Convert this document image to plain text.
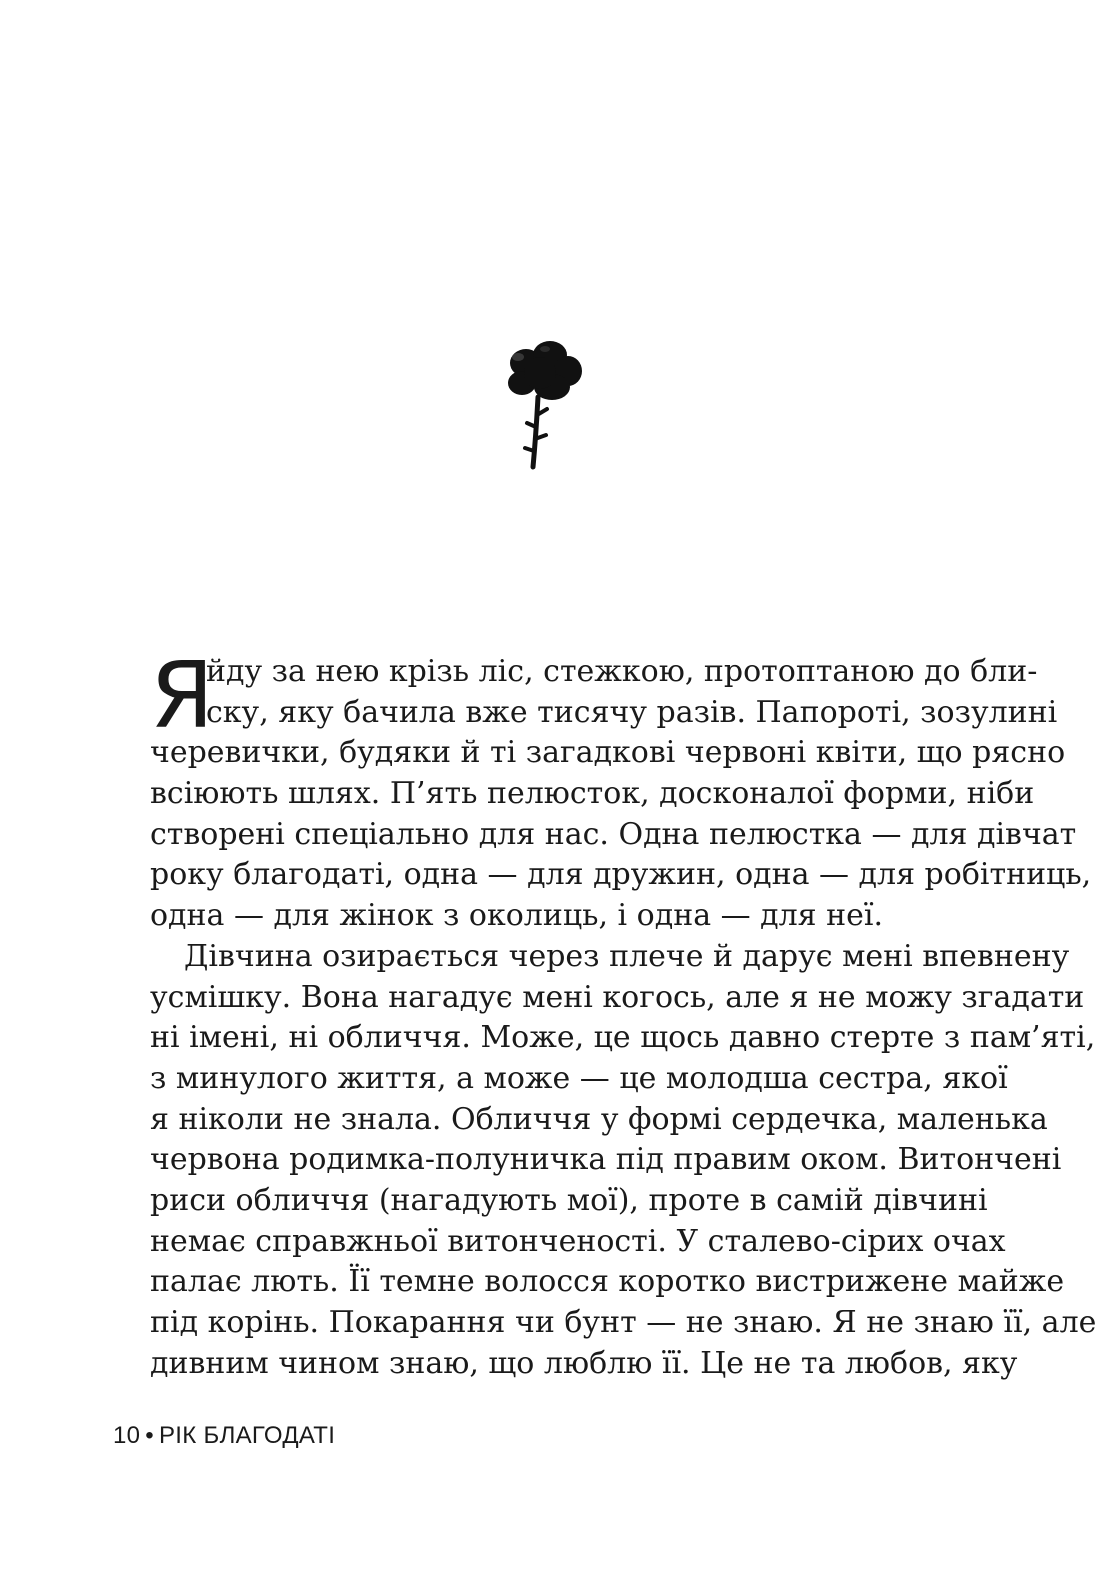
Я
йду за нею крізь ліс, стежкою, протоптаною до бли-
ску, яку бачила вже тисячу разів. Папороті, зозулині
черевички, будяки й ті загадкові червоні квіти, що рясно
всіюють шлях. П’ять пелюсток, досконалої форми, ніби
створені спеціально для нас. Одна пелюстка — для дівчат
року благодаті, одна — для дружин, одна — для робітниць,
одна — для жінок з околиць, і одна — для неї.
Дівчина озирається через плече й дарує мені впевнену
усмішку. Вона нагадує мені когось, але я не можу згадати
ні імені, ні обличчя. Може, це щось давно стерте з пам’яті,
з минулого життя, а може — це молодша сестра, якої
я ніколи не знала. Обличчя у формі сердечка, маленька
червона родимка-полуничка під правим оком. Витончені
риси обличчя (нагадують мої), проте в самій дівчині
немає справжньої витонченості. У сталево-сірих очах
палає лють. Її темне волосся коротко вистрижене майже
під корінь. Покарання чи бунт — не знаю. Я не знаю її, але
дивним чином знаю, що люблю її. Це не та любов, яку
10 • РІК БЛАГОДАТІ
